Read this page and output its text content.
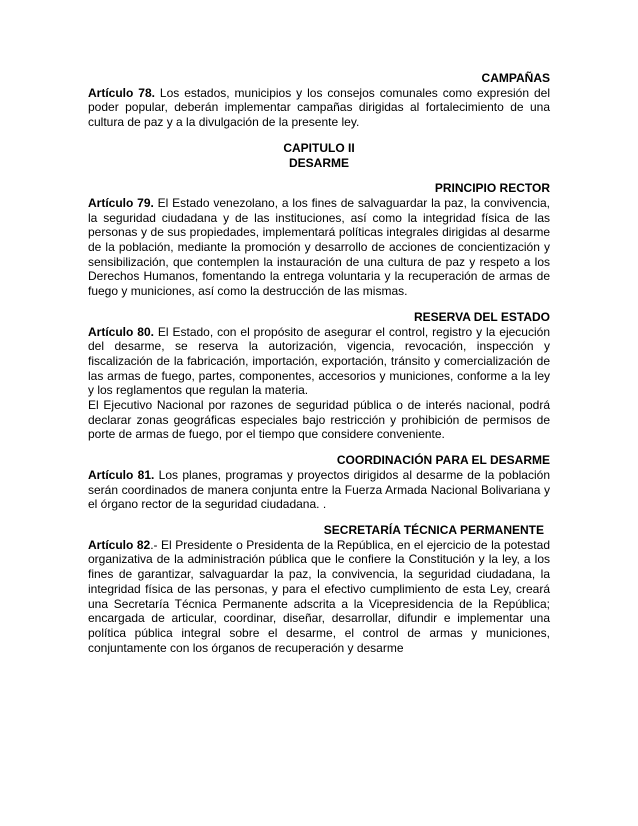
CAMPAÑAS

Artículo 78. Los estados, municipios y los consejos comunales como expresión del poder popular, deberán implementar campañas dirigidas al fortalecimiento de una cultura de paz y a la divulgación de la presente ley.

CAPITULO II

DESARME

PRINCIPIO RECTOR

Artículo 79. El Estado venezolano, a los fines de salvaguardar la paz, la convivencia, la seguridad ciudadana y de las instituciones, así como la integridad física de las personas y de sus propiedades, implementará políticas integrales dirigidas al desarme de la población, mediante la promoción y desarrollo de acciones de concientización y sensibilización, que contemplen la instauración de una cultura de paz y respeto a los Derechos Humanos, fomentando la entrega voluntaria y la recuperación de armas de fuego y municiones, así como la destrucción de las mismas.

RESERVA DEL ESTADO

Artículo 80. El Estado, con el propósito de asegurar el control, registro y la ejecución del desarme, se reserva la autorización, vigencia, revocación, inspección y fiscalización de la fabricación, importación, exportación, tránsito y comercialización de las armas de fuego, partes, componentes, accesorios y municiones, conforme a la ley y los reglamentos que regulan la materia.

El Ejecutivo Nacional por razones de seguridad pública o de interés nacional, podrá declarar zonas geográficas especiales bajo restricción y prohibición de permisos de porte de armas de fuego, por el tiempo que considere conveniente.

COORDINACIÓN PARA EL DESARME

Artículo 81. Los planes, programas y proyectos dirigidos al desarme de la población serán coordinados de manera conjunta entre la Fuerza Armada Nacional Bolivariana y el órgano rector de la seguridad ciudadana. .

SECRETARÍA TÉCNICA PERMANENTE

Artículo 82.- El Presidente o Presidenta de la República, en el ejercicio de la potestad organizativa de la administración pública que le confiere la Constitución y la ley, a los fines de garantizar, salvaguardar la paz, la convivencia, la seguridad ciudadana, la integridad física de las personas, y para el efectivo cumplimiento de esta Ley, creará una Secretaría Técnica Permanente adscrita a la Vicepresidencia de la República; encargada de articular, coordinar, diseñar, desarrollar, difundir e implementar una política pública integral sobre el desarme, el control de armas y municiones, conjuntamente con los órganos de recuperación y desarme
